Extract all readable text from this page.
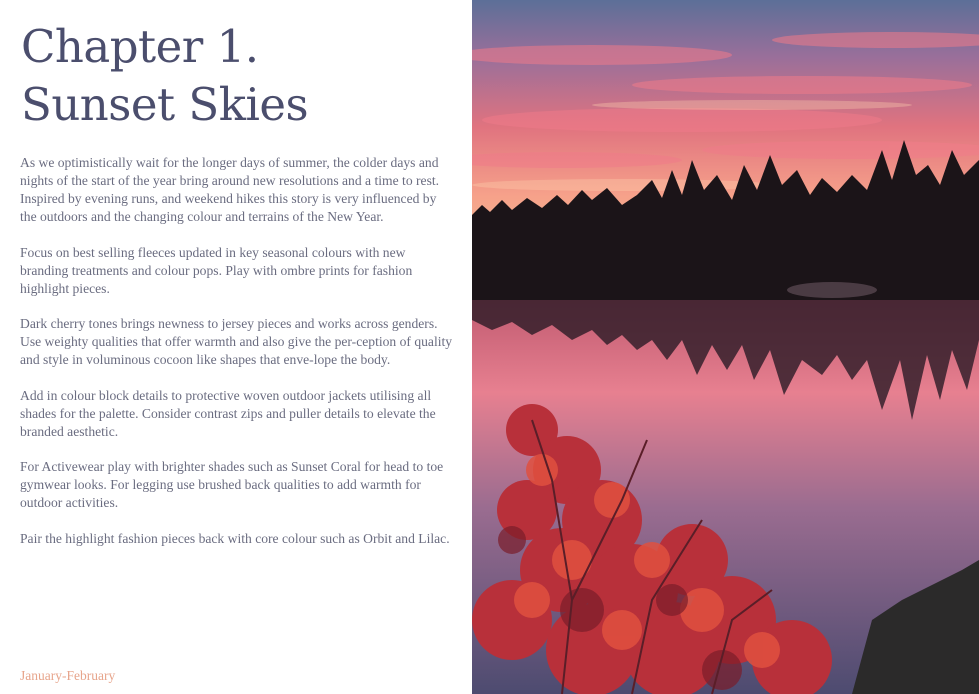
Chapter 1.
Sunset Skies

As we optimistically wait for the longer days of summer, the colder days and nights of the start of the year bring around new resolutions and a time to rest. Inspired by evening runs, and weekend hikes this story is very influenced by the outdoors and the changing colour and terrains of the New Year.

Focus on best selling fleeces updated in key seasonal colours with new branding treatments and colour pops. Play with ombre prints for fashion highlight pieces.

Dark cherry tones brings newness to jersey pieces and works across genders. Use weighty qualities that offer warmth and also give the per-ception of quality and style in voluminous cocoon like shapes that enve-lope the body.

Add in colour block details to protective woven outdoor jackets utilising all shades for the palette. Consider contrast zips and puller details to elevate the branded aesthetic.

For Activewear play with brighter shades such as Sunset Coral for head to toe gymwear looks. For legging use brushed back qualities to add warmth for outdoor activities.

Pair the highlight fashion pieces back with core colour such as Orbit and Lilac.

January-February
